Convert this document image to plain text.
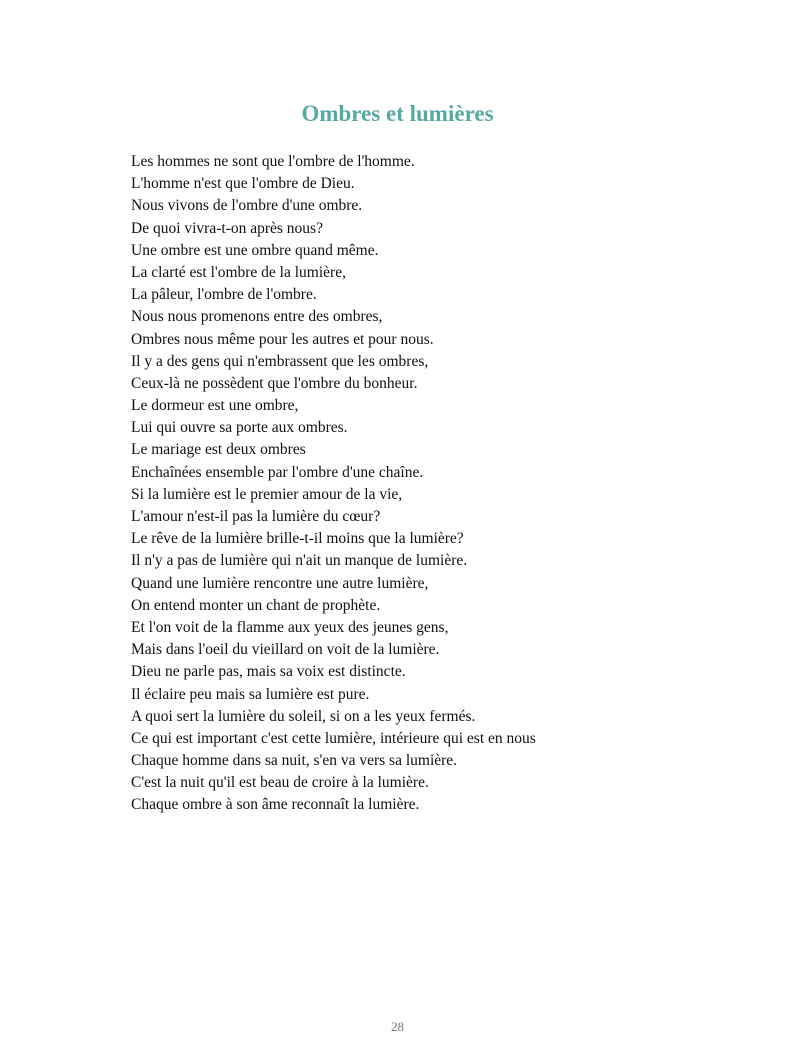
Ombres et lumières

Les hommes ne sont que l'ombre de l'homme.

L'homme n'est que l'ombre de Dieu.

Nous vivons de l'ombre d'une ombre.

De quoi vivra-t-on après nous?

Une ombre est une ombre quand même.

La clarté est l'ombre de la lumière,

La pâleur, l'ombre de l'ombre.

Nous nous promenons entre des ombres,

Ombres nous même pour les autres et pour nous.

Il y a des gens qui n'embrassent que les ombres,

Ceux-là ne possèdent que l'ombre du bonheur.

Le dormeur est une ombre,

Lui qui ouvre sa porte aux ombres.

Le mariage est deux ombres

Enchaînées ensemble par l'ombre d'une chaîne.

Si la lumière est le premier amour de la vie,

L'amour n'est-il pas la lumière du cœur?

Le rêve de la lumière brille-t-il moins que la lumière?

Il n'y a pas de lumière qui n'ait un manque de lumière.

Quand une lumière rencontre une autre lumière,

On entend monter un chant de prophète.

Et l'on voit de la flamme aux yeux des jeunes gens,

Mais dans l'oeil du vieillard on voit de la lumière.

Dieu ne parle pas, mais sa voix est distincte.

Il éclaire peu mais sa lumière est pure.

A quoi sert la lumière du soleil, si on a les yeux fermés.

Ce qui est important c'est cette lumière, intérieure qui est en nous

Chaque homme dans sa nuit, s'en va vers sa lumière.

C'est la nuit qu'il est beau de croire à la lumière.

Chaque ombre à son âme reconnaît la lumière.

28
